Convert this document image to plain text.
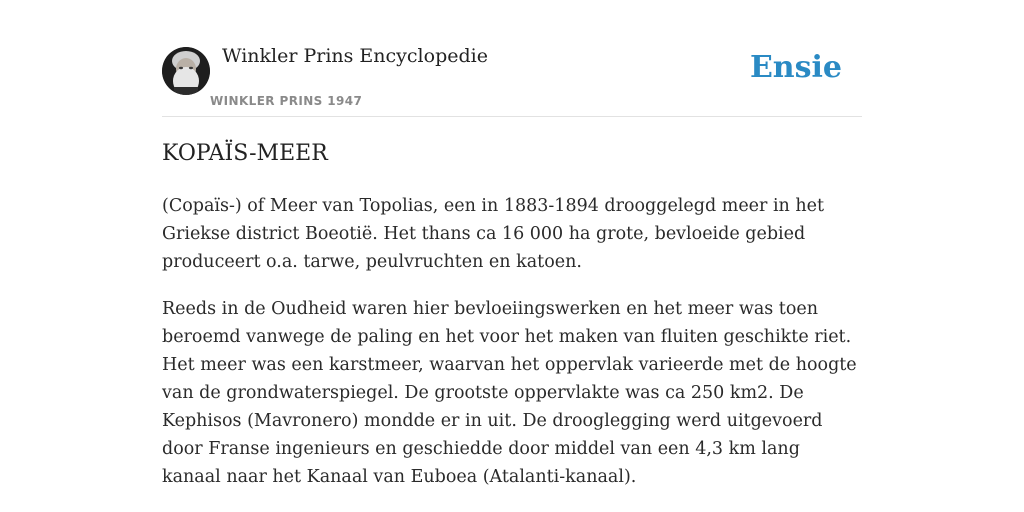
Winkler Prins Encyclopedie
WINKLER PRINS 1947
Ensie
KOPAÏS-MEER

(Copaïs-) of Meer van Topolias, een in 1883-1894 drooggelegd meer in het Griekse district Boeotië. Het thans ca 16 000 ha grote, bevloeide gebied produceert o.a. tarwe, peulvruchten en katoen.

Reeds in de Oudheid waren hier bevloeiingswerken en het meer was toen beroemd vanwege de paling en het voor het maken van fluiten geschikte riet. Het meer was een karstmeer, waarvan het oppervlak varieerde met de hoogte van de grondwaterspiegel. De grootste oppervlakte was ca 250 km2. De Kephisos (Mavronero) mondde er in uit. De drooglegging werd uitgevoerd door Franse ingenieurs en geschiedde door middel van een 4,3 km lang kanaal naar het Kanaal van Euboea (Atalanti-kanaal).
